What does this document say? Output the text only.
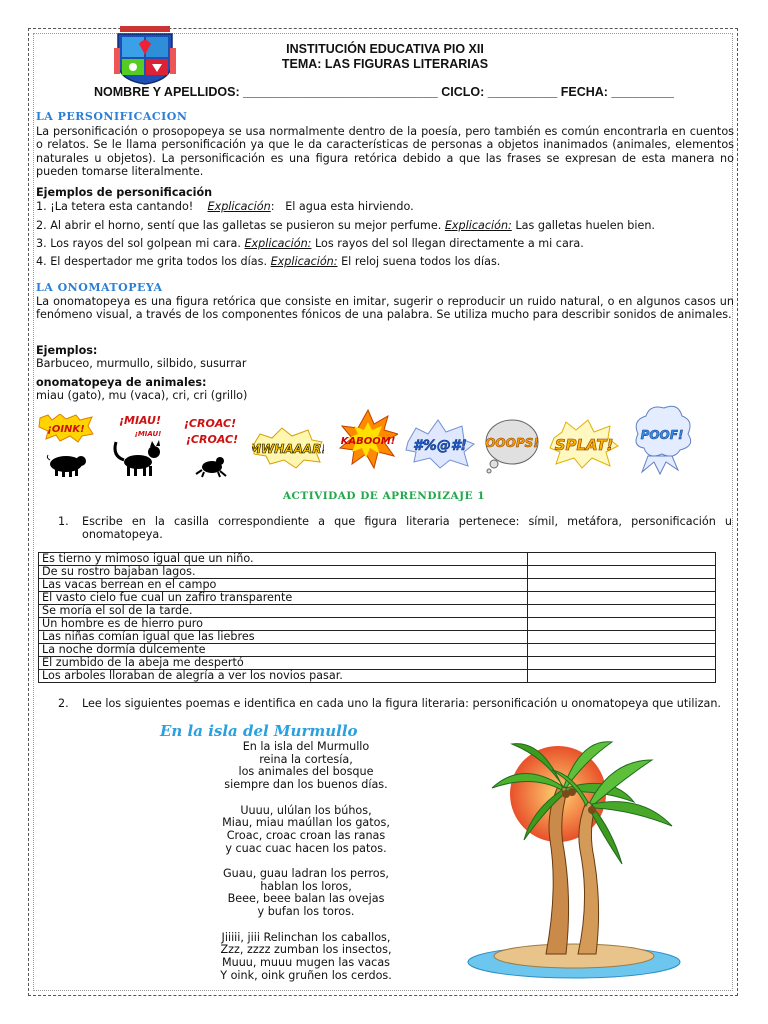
INSTITUCIÓN EDUCATIVA PIO XII
TEMA: LAS FIGURAS LITERARIAS
NOMBRE Y APELLIDOS: ____________________________ CICLO: __________ FECHA: _________
LA PERSONIFICACION
La personificación o prosopopeya se usa normalmente dentro de la poesía, pero también es común encontrarla en cuentos o relatos. Se le llama personificación ya que le da características de personas a objetos inanimados (animales, elementos naturales u objetos). La personificación es una figura retórica debido a que las frases se expresan de esta manera no pueden tomarse literalmente.
Ejemplos de personificación
1. ¡La tetera esta cantando! Explicación:   El agua esta hirviendo.
2. Al abrir el horno, sentí que las galletas se pusieron su mejor perfume. Explicación: Las galletas huelen bien.
3. Los rayos del sol golpean mi cara. Explicación: Los rayos del sol llegan directamente a mi cara.
4. El despertador me grita todos los días. Explicación: El reloj suena todos los días.
LA ONOMATOPEYA
La onomatopeya es una figura retórica que consiste en imitar, sugerir o reproducir un ruido natural, o en algunos casos un fenómeno visual, a través de los componentes fónicos de una palabra. Se utiliza mucho para describir sonidos de animales.
Ejemplos:
Barbuceo, murmullo, silbido, susurrar
onomatopeya de animales:
miau (gato), mu (vaca), cri, cri (grillo)
¡OINK!
¡MIAU!
¡MIAU!
¡CROAC!
¡CROAC!
MWHAAAR!
KABOOM! #%@#! OOOPS! SPLAT!
POOF!
ACTIVIDAD DE APRENDIZAJE 1
1. Escribe en la casilla correspondiente a que figura literaria pertenece: símil, metáfora, personificación u onomatopeya.
Es tierno y mimoso igual que un niño.	
De su rostro bajaban lagos.	
Las vacas berrean en el campo	
El vasto cielo fue cual un zafiro transparente	
Se moría el sol de la tarde.	
Un hombre es de hierro puro	
Las niñas comían igual que las liebres	
La noche dormía dulcemente	
El zumbido de la abeja me despertó	
Los arboles lloraban de alegría a ver los novios pasar.	
2. Lee los siguientes poemas e identifica en cada uno la figura literaria: personificación u onomatopeya que utilizan.
En la isla del Murmullo
En la isla del Murmullo
reina la cortesía,
los animales del bosque
siempre dan los buenos días.
Uuuu, ulúlan los búhos,
Miau, miau maúllan los gatos,
Croac, croac croan las ranas
y cuac cuac hacen los patos.
Guau, guau ladran los perros,
hablan los loros,
Beee, beee balan las ovejas
y bufan los toros.
Jiiiii, jiii Relinchan los caballos,
Zzz, zzzz zumban los insectos,
Muuu, muuu mugen las vacas
Y oink, oink gruñen los cerdos.
